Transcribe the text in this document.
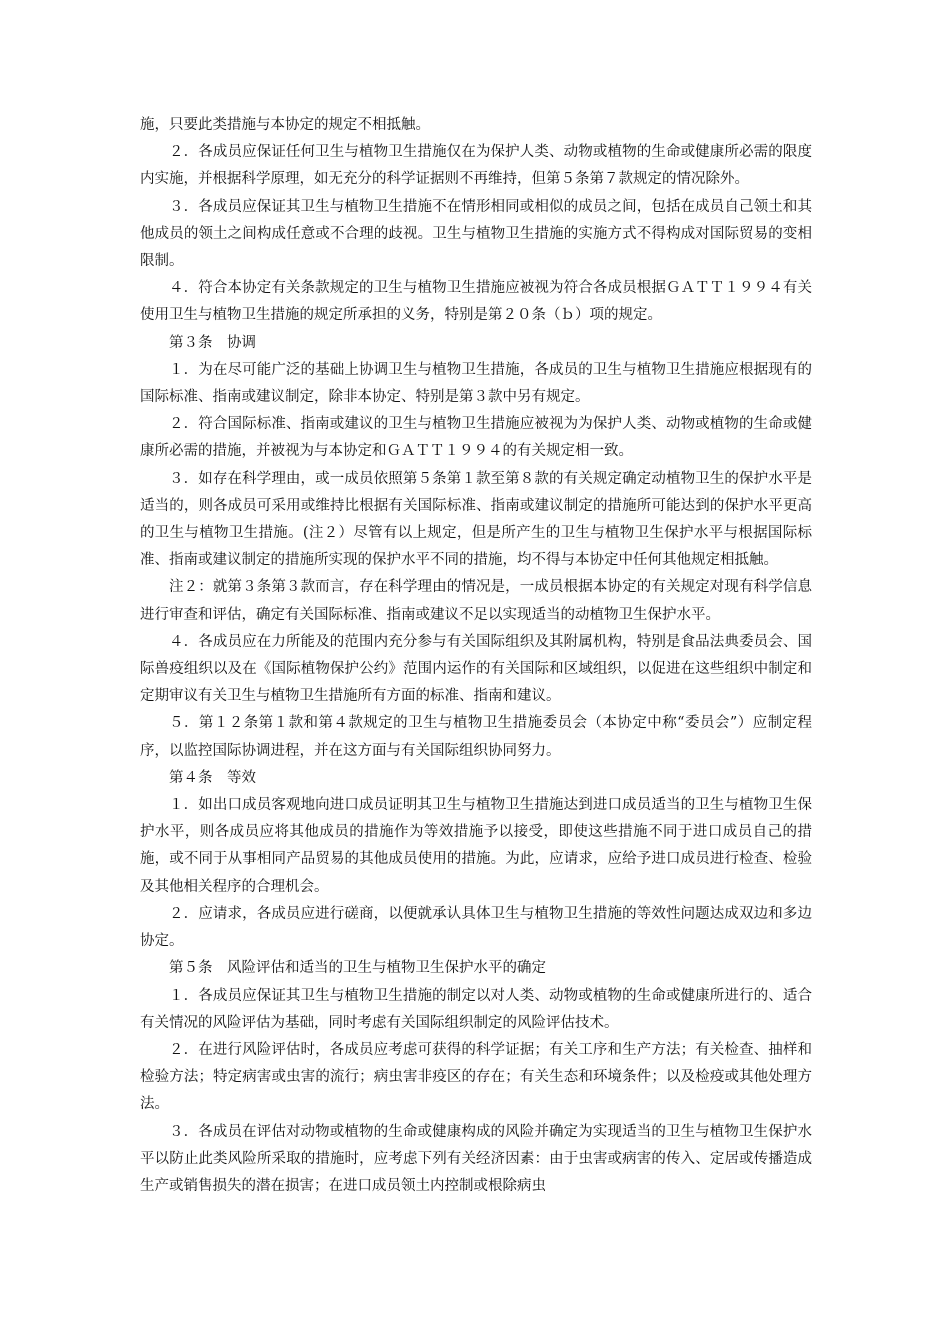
施，只要此类措施与本协定的规定不相抵触。

２．各成员应保证任何卫生与植物卫生措施仅在为保护人类、动物或植物的生命或健康所必需的限度内实施，并根据科学原理，如无充分的科学证据则不再维持，但第５条第７款规定的情况除外。

３．各成员应保证其卫生与植物卫生措施不在情形相同或相似的成员之间，包括在成员自己领土和其他成员的领土之间构成任意或不合理的歧视。卫生与植物卫生措施的实施方式不得构成对国际贸易的变相限制。

４．符合本协定有关条款规定的卫生与植物卫生措施应被视为符合各成员根据ＧＡＴＴ１９９４有关使用卫生与植物卫生措施的规定所承担的义务，特别是第２０条（ｂ）项的规定。

第３条　协调

１．为在尽可能广泛的基础上协调卫生与植物卫生措施，各成员的卫生与植物卫生措施应根据现有的国际标准、指南或建议制定，除非本协定、特别是第３款中另有规定。

２．符合国际标准、指南或建议的卫生与植物卫生措施应被视为为保护人类、动物或植物的生命或健康所必需的措施，并被视为与本协定和ＧＡＴＴ１９９４的有关规定相一致。

３．如存在科学理由，或一成员依照第５条第１款至第８款的有关规定确定动植物卫生的保护水平是适当的，则各成员可采用或维持比根据有关国际标准、指南或建议制定的措施所可能达到的保护水平更高的卫生与植物卫生措施。(注２）尽管有以上规定，但是所产生的卫生与植物卫生保护水平与根据国际标准、指南或建议制定的措施所实现的保护水平不同的措施，均不得与本协定中任何其他规定相抵触。

注２：就第３条第３款而言，存在科学理由的情况是，一成员根据本协定的有关规定对现有科学信息进行审查和评估，确定有关国际标准、指南或建议不足以实现适当的动植物卫生保护水平。

４．各成员应在力所能及的范围内充分参与有关国际组织及其附属机构，特别是食品法典委员会、国际兽疫组织以及在《国际植物保护公约》范围内运作的有关国际和区域组织，以促进在这些组织中制定和定期审议有关卫生与植物卫生措施所有方面的标准、指南和建议。

５．第１２条第１款和第４款规定的卫生与植物卫生措施委员会（本协定中称“委员会”）应制定程序，以监控国际协调进程，并在这方面与有关国际组织协同努力。

第４条　等效

１．如出口成员客观地向进口成员证明其卫生与植物卫生措施达到进口成员适当的卫生与植物卫生保护水平，则各成员应将其他成员的措施作为等效措施予以接受，即使这些措施不同于进口成员自己的措施，或不同于从事相同产品贸易的其他成员使用的措施。为此，应请求，应给予进口成员进行检查、检验及其他相关程序的合理机会。

２．应请求，各成员应进行磋商，以便就承认具体卫生与植物卫生措施的等效性问题达成双边和多边协定。

第５条　风险评估和适当的卫生与植物卫生保护水平的确定

１．各成员应保证其卫生与植物卫生措施的制定以对人类、动物或植物的生命或健康所进行的、适合有关情况的风险评估为基础，同时考虑有关国际组织制定的风险评估技术。

２．在进行风险评估时，各成员应考虑可获得的科学证据；有关工序和生产方法；有关检查、抽样和检验方法；特定病害或虫害的流行；病虫害非疫区的存在；有关生态和环境条件；以及检疫或其他处理方法。

３．各成员在评估对动物或植物的生命或健康构成的风险并确定为实现适当的卫生与植物卫生保护水平以防止此类风险所采取的措施时，应考虑下列有关经济因素：由于虫害或病害的传入、定居或传播造成生产或销售损失的潜在损害；在进口成员领土内控制或根除病虫
